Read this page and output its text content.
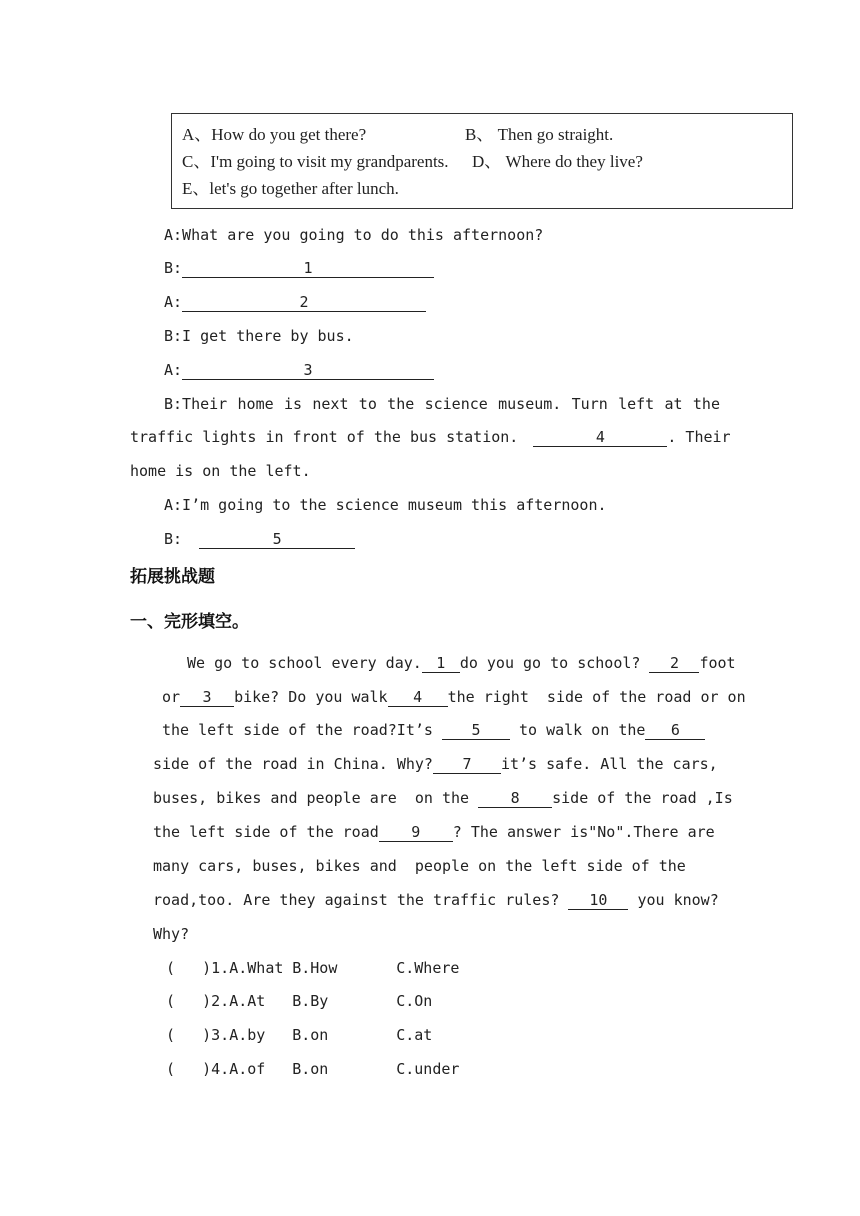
A、How do you get there?	B、 Then go straight.
C、I'm going to visit my grandparents. D、 Where do they live?
E、let's go together after lunch.
A:What are you going to do this afternoon?
B:	1
A:	2
B:I get there by bus.
A:	3
B:Their home is next to the science museum. Turn left at the
traffic lights in front of the bus station.	4	. Their
home is on the left.
A:I’m going to the science museum this afternoon.
B:	5
拓展挑战题
一、完形填空。
We go to school every day. 1 do you go to school? 2 foot
or 3 bike? Do you walk 4 the right  side of the road or on
the left side of the road?It’s	5	to walk on the 6
side of the road in China. Why? 7 it’s safe. All the cars,
buses, bikes and people are  on the	8 side of the road ,Is
the left side of the road 9 ? The answer is"No".There are
many cars, buses, bikes and  people on the left side of the
road,too. Are they against the traffic rules? 10 you know?
Why?
(   )1.A.What B.How	C.Where
(   )2.A.At B.By	C.On
(   )3.A.by B.on	C.at
(   )4.A.of B.on	C.under
